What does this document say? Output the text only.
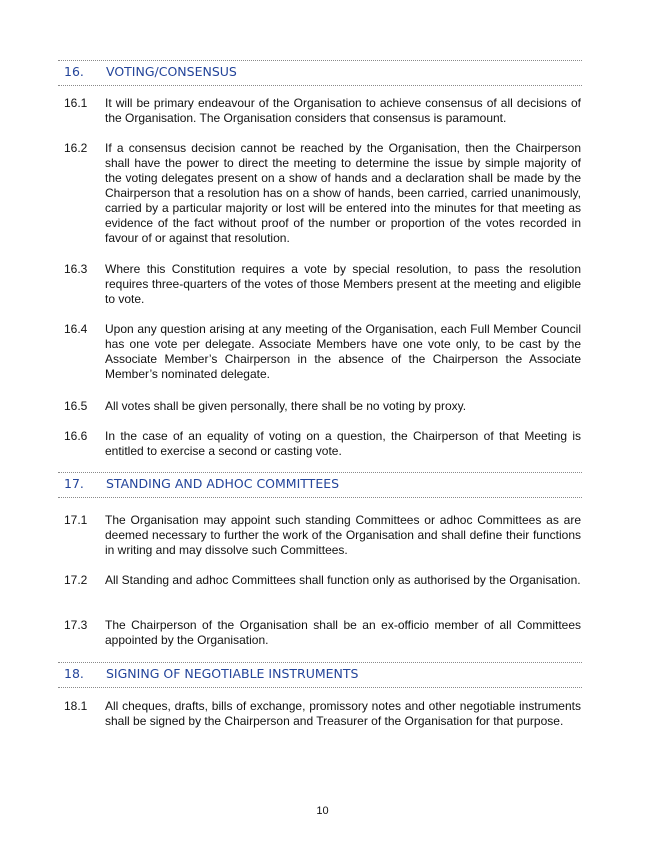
16. VOTING/CONSENSUS
16.1 It will be primary endeavour of the Organisation to achieve consensus of all decisions of the Organisation. The Organisation considers that consensus is paramount.
16.2 If a consensus decision cannot be reached by the Organisation, then the Chairperson shall have the power to direct the meeting to determine the issue by simple majority of the voting delegates present on a show of hands and a declaration shall be made by the Chairperson that a resolution has on a show of hands, been carried, carried unanimously, carried by a particular majority or lost will be entered into the minutes for that meeting as evidence of the fact without proof of the number or proportion of the votes recorded in favour of or against that resolution.
16.3 Where this Constitution requires a vote by special resolution, to pass the resolution requires three-quarters of the votes of those Members present at the meeting and eligible to vote.
16.4 Upon any question arising at any meeting of the Organisation, each Full Member Council has one vote per delegate. Associate Members have one vote only, to be cast by the Associate Member’s Chairperson in the absence of the Chairperson the Associate Member’s nominated delegate.
16.5 All votes shall be given personally, there shall be no voting by proxy.
16.6 In the case of an equality of voting on a question, the Chairperson of that Meeting is entitled to exercise a second or casting vote.
17. STANDING AND ADHOC COMMITTEES
17.1 The Organisation may appoint such standing Committees or adhoc Committees as are deemed necessary to further the work of the Organisation and shall define their functions in writing and may dissolve such Committees.
17.2 All Standing and adhoc Committees shall function only as authorised by the Organisation.
17.3 The Chairperson of the Organisation shall be an ex-officio member of all Committees appointed by the Organisation.
18. SIGNING OF NEGOTIABLE INSTRUMENTS
18.1 All cheques, drafts, bills of exchange, promissory notes and other negotiable instruments shall be signed by the Chairperson and Treasurer of the Organisation for that purpose.
10
